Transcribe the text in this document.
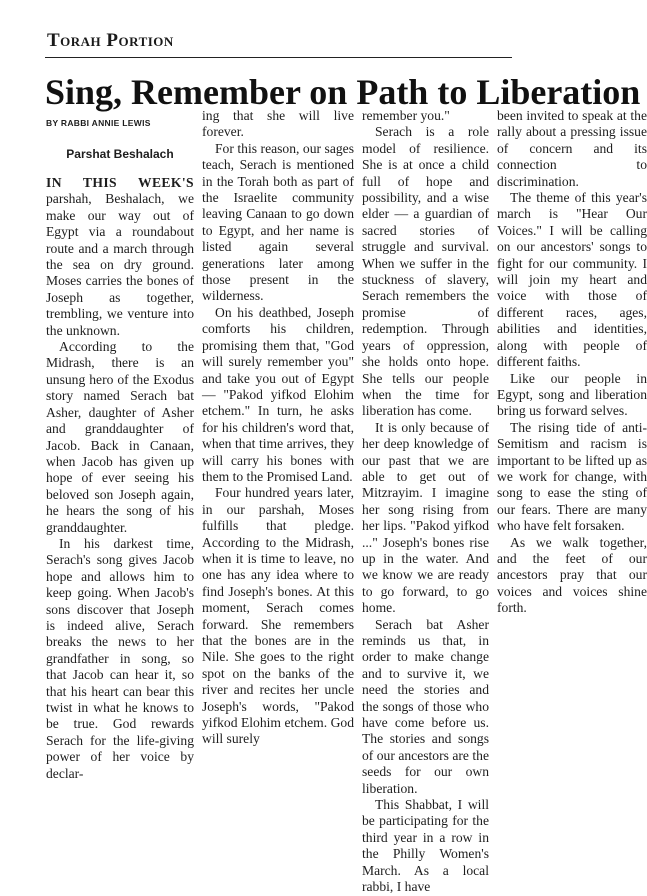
Torah Portion
Sing, Remember on Path to Liberation
BY RABBI ANNIE LEWIS
Parshat Beshalach

IN THIS WEEK'S parshah, Beshalach, we make our way out of Egypt via a roundabout route and a march through the sea on dry ground. Moses carries the bones of Joseph as together, trembling, we venture into the unknown.

According to the Midrash, there is an unsung hero of the Exodus story named Serach bat Asher, daughter of Asher and granddaughter of Jacob. Back in Canaan, when Jacob has given up hope of ever seeing his beloved son Joseph again, he hears the song of his granddaughter.

In his darkest time, Serach's song gives Jacob hope and allows him to keep going. When Jacob's sons discover that Joseph is indeed alive, Serach breaks the news to her grandfather in song, so that Jacob can hear it, so that his heart can bear this twist in what he knows to be true. God rewards Serach for the life-giving power of her voice by declar-

ing that she will live forever.

For this reason, our sages teach, Serach is mentioned in the Torah both as part of the Israelite community leaving Canaan to go down to Egypt, and her name is listed again several generations later among those present in the wilderness.

On his deathbed, Joseph comforts his children, promising them that, "God will surely remember you" and take you out of Egypt — "Pakod yifkod Elohim etchem." In turn, he asks for his children's word that, when that time arrives, they will carry his bones with them to the Promised Land.

Four hundred years later, in our parshah, Moses fulfills that pledge. According to the Midrash, when it is time to leave, no one has any idea where to find Joseph's bones. At this moment, Serach comes forward. She remembers that the bones are in the Nile. She goes to the right spot on the banks of the river and recites her uncle Joseph's words, "Pakod yifkod Elohim etchem. God will surely

remember you."

Serach is a role model of resilience. She is at once a child full of hope and possibility, and a wise elder — a guardian of sacred stories of struggle and survival. When we suffer in the stuckness of slavery, Serach remembers the promise of redemption. Through years of oppression, she holds onto hope. She tells our people when the time for liberation has come.

It is only because of her deep knowledge of our past that we are able to get out of Mitzrayim. I imagine her song rising from her lips. "Pakod yifkod ..." Joseph's bones rise up in the water. And we know we are ready to go forward, to go home.

Serach bat Asher reminds us that, in order to make change and to survive it, we need the stories and the songs of those who have come before us. The stories and songs of our ancestors are the seeds for our own liberation.

This Shabbat, I will be participating for the third year in a row in the Philly Women's March. As a local rabbi, I have

been invited to speak at the rally about a pressing issue of concern and its connection to discrimination.

The theme of this year's march is "Hear Our Voices." I will be calling on our ancestors' songs to fight for our community. I will join my heart and voice with those of different races, ages, abilities and identities, along with people of different faiths.

Like our people in Egypt, song and liberation bring us forward selves.

The rising tide of anti-Semitism and racism is important to be lifted up as we work for change, with song to ease the sting of our fears. There are many who have felt forsaken.

As we walk together, and the feet of our ancestors pray that our voices and voices shine forth.
